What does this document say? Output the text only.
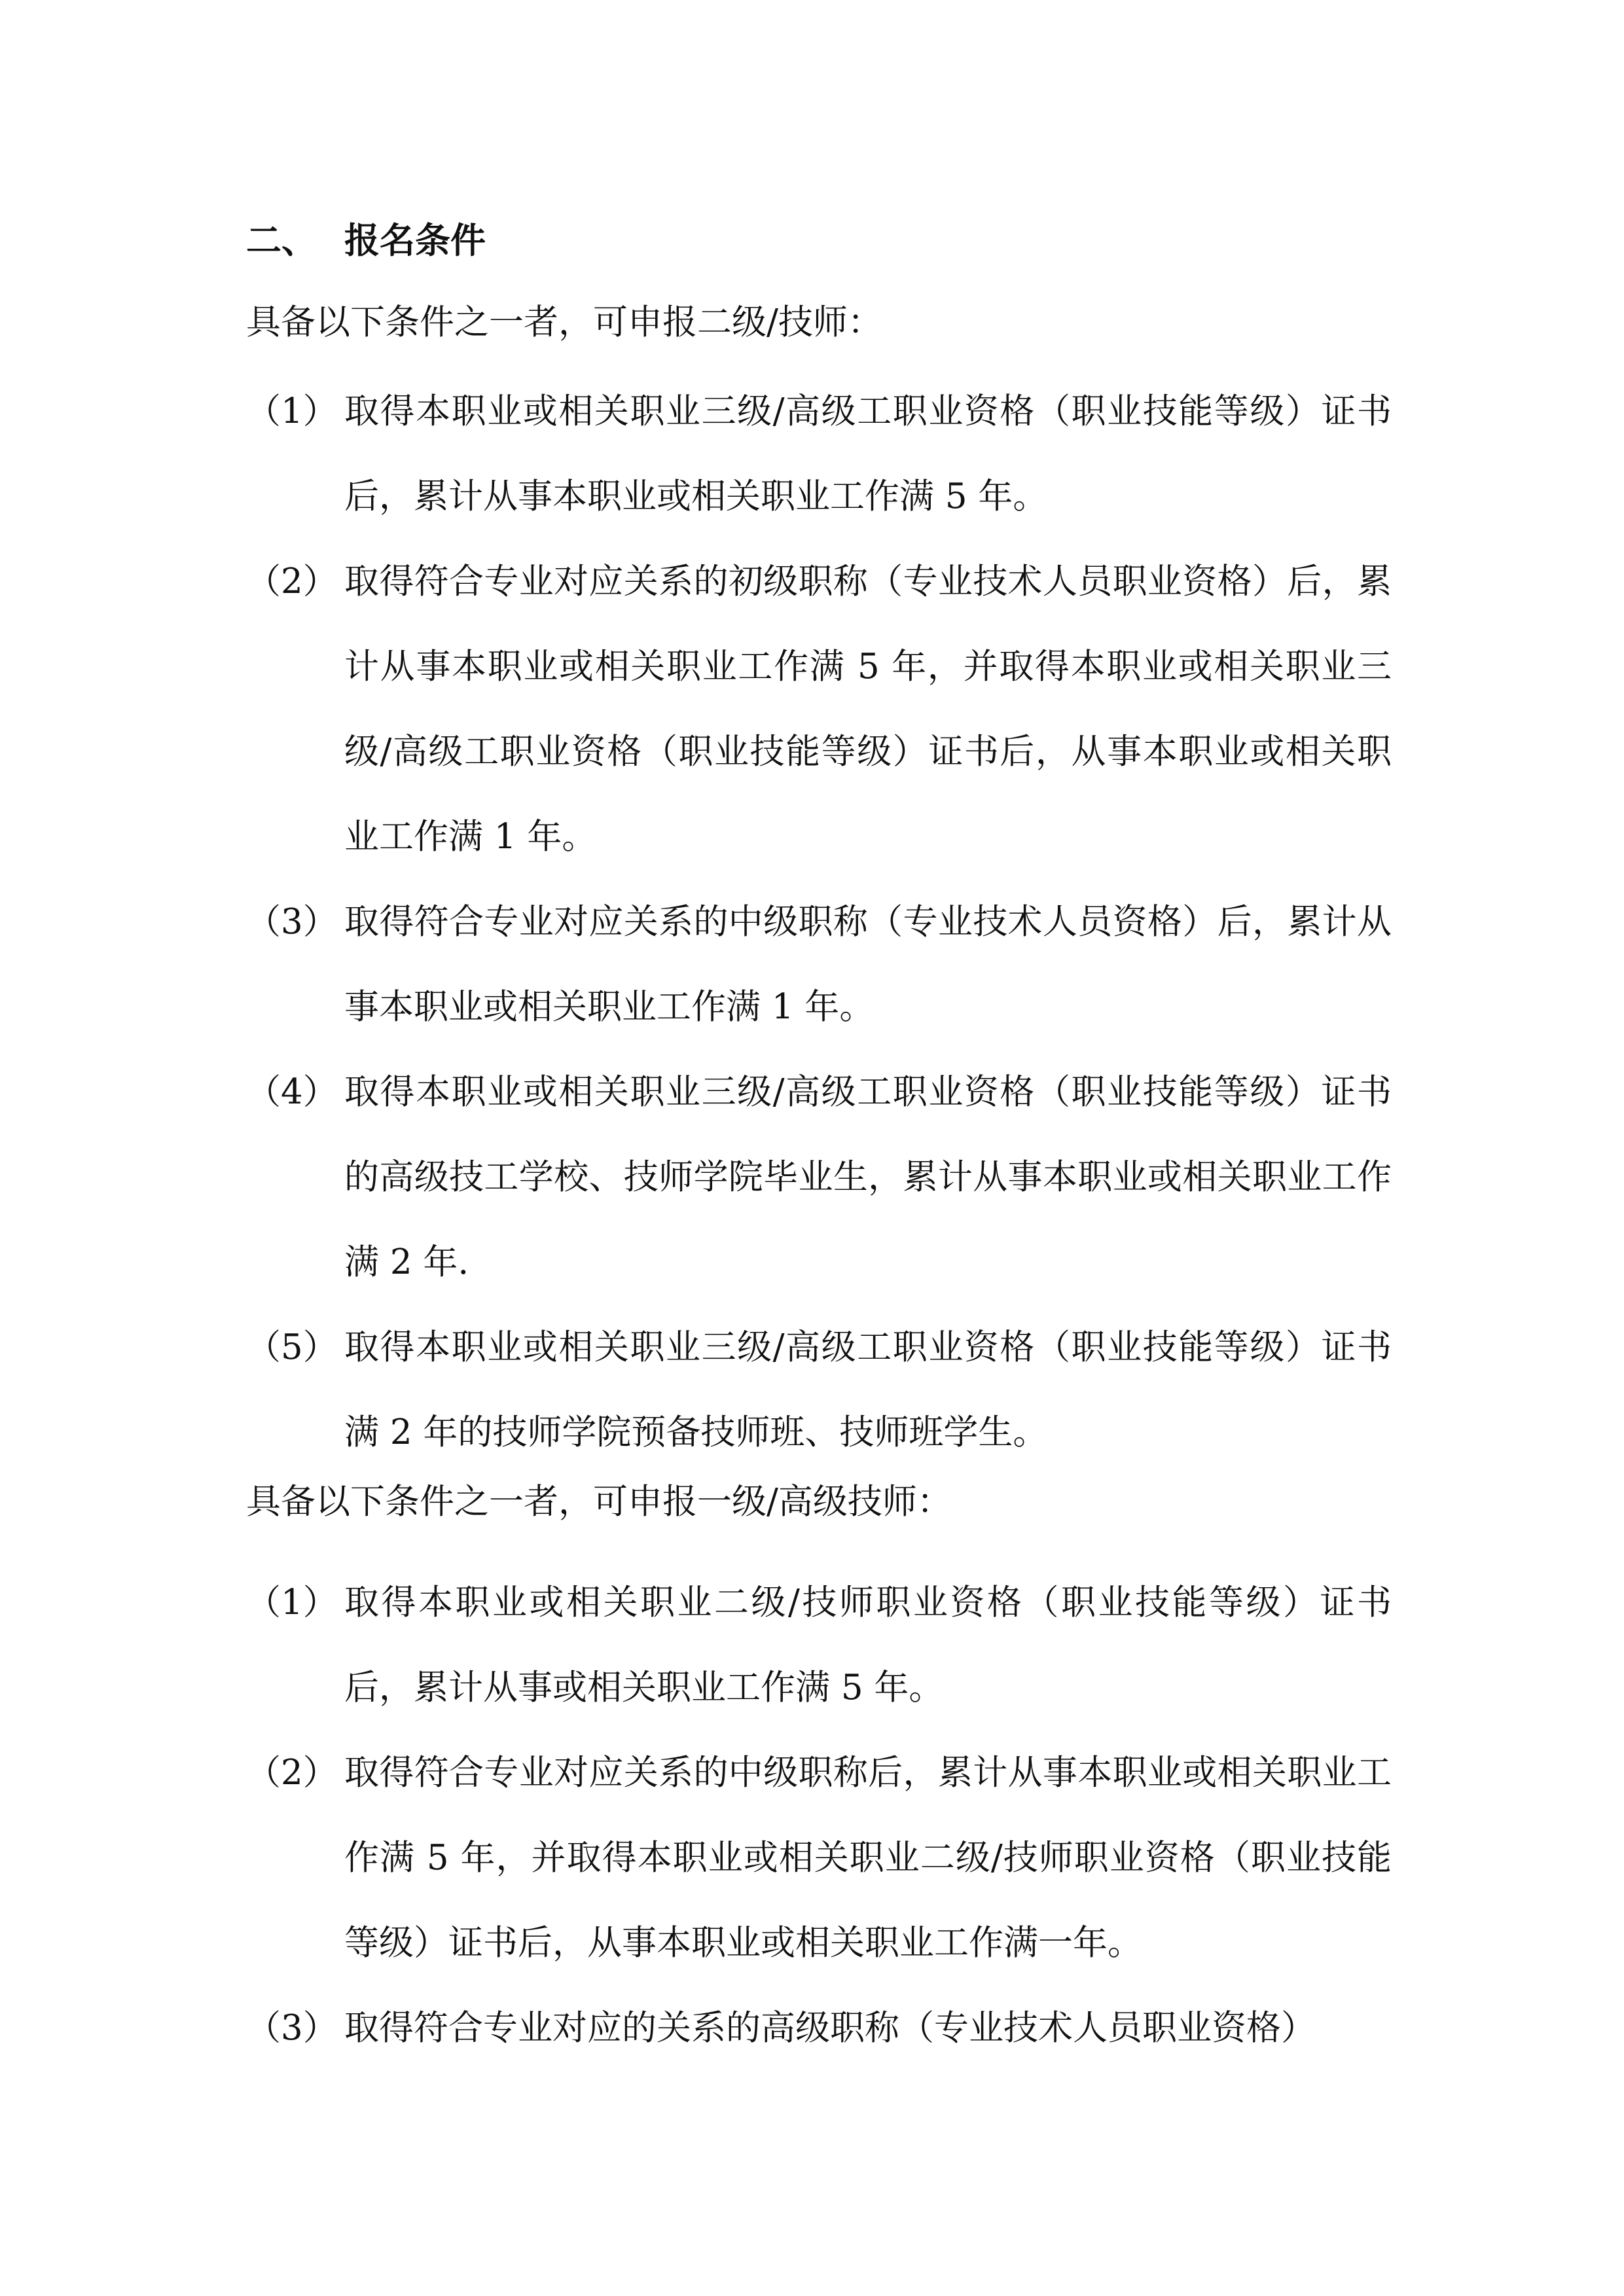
二、 报名条件
具备以下条件之一者，可申报二级/技师：
（1） 取得本职业或相关职业三级/高级工职业资格（职业技能等级）证书后，累计从事本职业或相关职业工作满 5 年。
（2） 取得符合专业对应关系的初级职称（专业技术人员职业资格）后，累计从事本职业或相关职业工作满 5 年，并取得本职业或相关职业三级/高级工职业资格（职业技能等级）证书后，从事本职业或相关职业工作满 1 年。
（3） 取得符合专业对应关系的中级职称（专业技术人员资格）后，累计从事本职业或相关职业工作满 1 年。
（4） 取得本职业或相关职业三级/高级工职业资格（职业技能等级）证书的高级技工学校、技师学院毕业生，累计从事本职业或相关职业工作满 2 年.
（5） 取得本职业或相关职业三级/高级工职业资格（职业技能等级）证书满 2 年的技师学院预备技师班、技师班学生。
具备以下条件之一者，可申报一级/高级技师：
（1） 取得本职业或相关职业二级/技师职业资格（职业技能等级）证书后，累计从事或相关职业工作满 5 年。
（2） 取得符合专业对应关系的中级职称后，累计从事本职业或相关职业工作满 5 年，并取得本职业或相关职业二级/技师职业资格（职业技能等级）证书后，从事本职业或相关职业工作满一年。
（3） 取得符合专业对应的关系的高级职称（专业技术人员职业资格）
